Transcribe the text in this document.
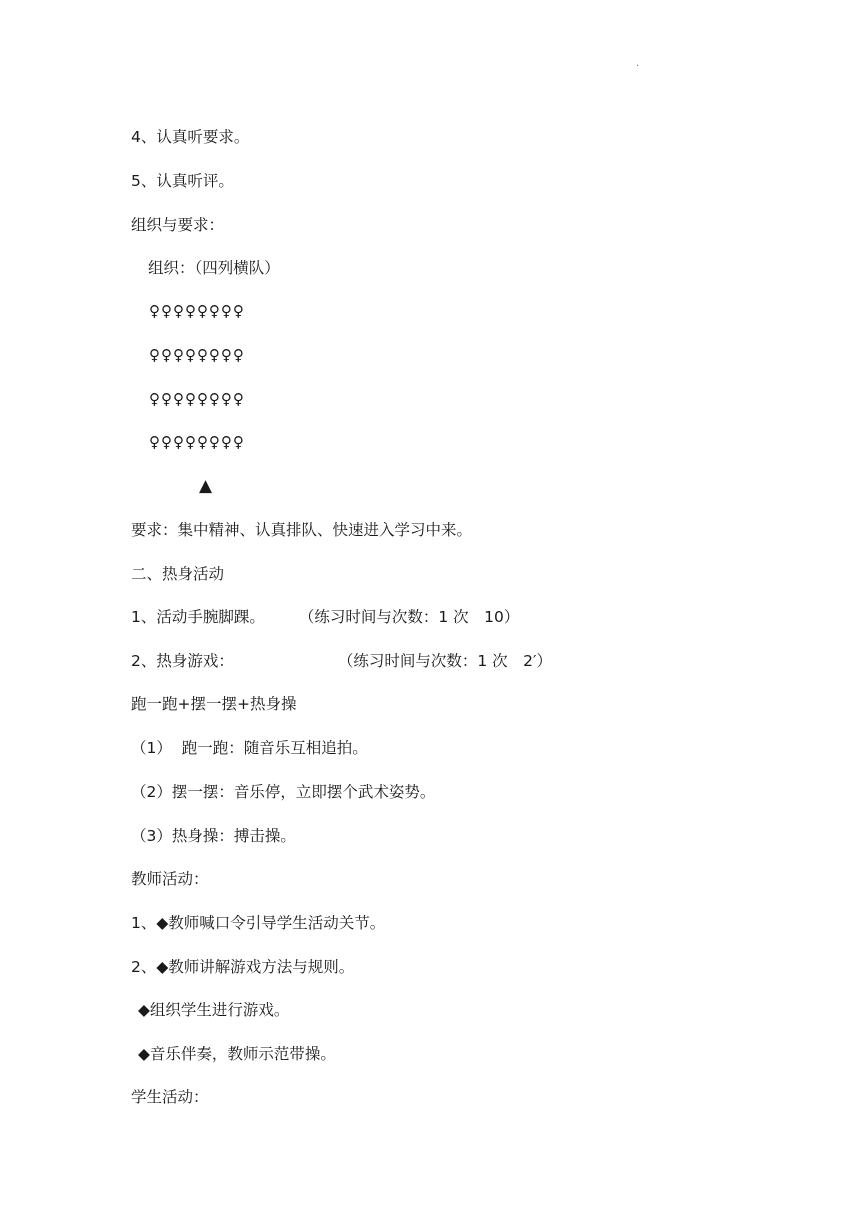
.
4、认真听要求。
5、认真听评。
组织与要求：
组织：（四列横队）
♀♀♀♀♀♀♀♀
♀♀♀♀♀♀♀♀
♀♀♀♀♀♀♀♀
♀♀♀♀♀♀♀♀
▲
要求：集中精神、认真排队、快速进入学习中来。
二、热身活动
1、活动手腕脚踝。 （练习时间与次数：1 次　10）
2、热身游戏：	（练习时间与次数：1 次　2′）
跑一跑+摆一摆+热身操
（1）  跑一跑：随音乐互相追拍。
（2）摆一摆：音乐停，立即摆个武术姿势。
（3）热身操：搏击操。
教师活动：
1、◆教师喊口令引导学生活动关节。
2、◆教师讲解游戏方法与规则。
◆组织学生进行游戏。
◆音乐伴奏，教师示范带操。
学生活动：
